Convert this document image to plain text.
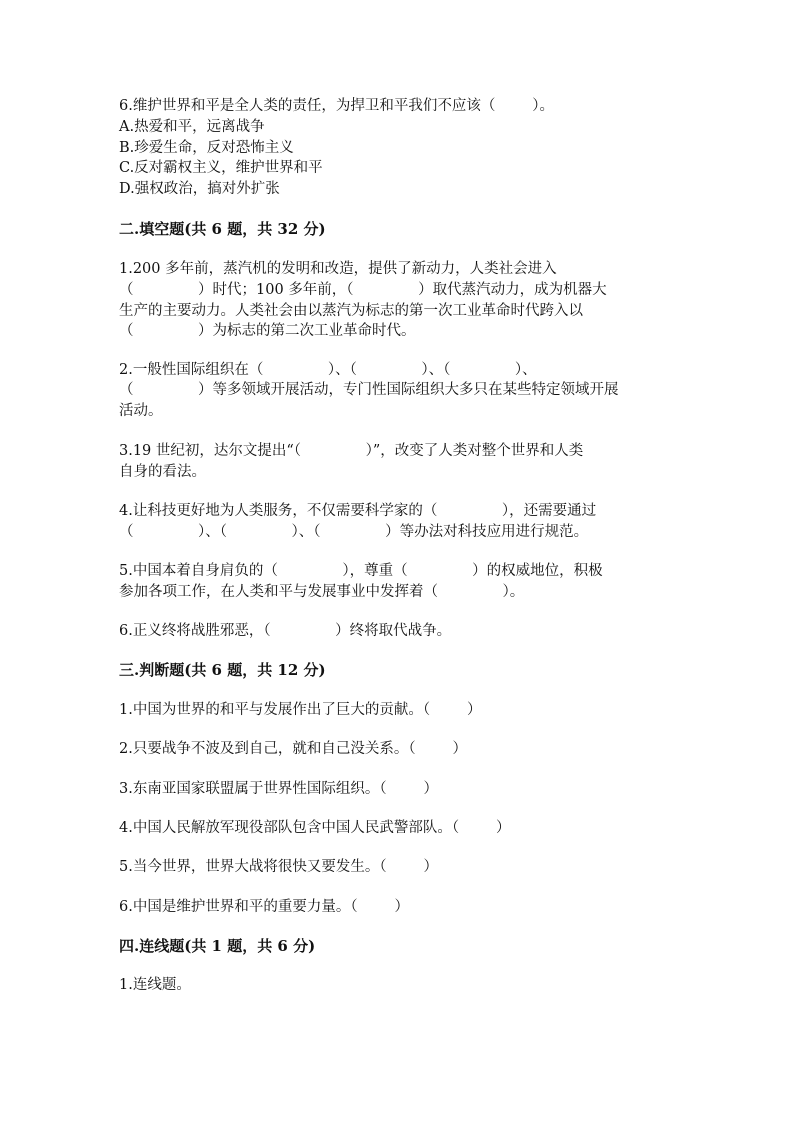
6.维护世界和平是全人类的责任，为捍卫和平我们不应该（        ）。
A.热爱和平，远离战争
B.珍爱生命，反对恐怖主义
C.反对霸权主义，维护世界和平
D.强权政治，搞对外扩张
二.填空题(共 6 题，共 32 分)
1.200 多年前，蒸汽机的发明和改造，提供了新动力，人类社会进入
（              ）时代；100 多年前，（              ）取代蒸汽动力，成为机器大
生产的主要动力。人类社会由以蒸汽为标志的第一次工业革命时代跨入以
（              ）为标志的第二次工业革命时代。
2.一般性国际组织在（              ）、（              ）、（              ）、
（              ）等多领域开展活动，专门性国际组织大多只在某些特定领域开展
活动。
3.19 世纪初，达尔文提出“（              ）”，改变了人类对整个世界和人类
自身的看法。
4.让科技更好地为人类服务，不仅需要科学家的（              ），还需要通过
（              ）、（              ）、（              ）等办法对科技应用进行规范。
5.中国本着自身肩负的（              ），尊重（              ）的权威地位，积极
参加各项工作，在人类和平与发展事业中发挥着（              ）。
6.正义终将战胜邪恶，（              ）终将取代战争。
三.判断题(共 6 题，共 12 分)
1.中国为世界的和平与发展作出了巨大的贡献。（        ）
2.只要战争不波及到自己，就和自己没关系。（        ）
3.东南亚国家联盟属于世界性国际组织。（        ）
4.中国人民解放军现役部队包含中国人民武警部队。（        ）
5.当今世界，世界大战将很快又要发生。（        ）
6.中国是维护世界和平的重要力量。（        ）
四.连线题(共 1 题，共 6 分)
1.连线题。
